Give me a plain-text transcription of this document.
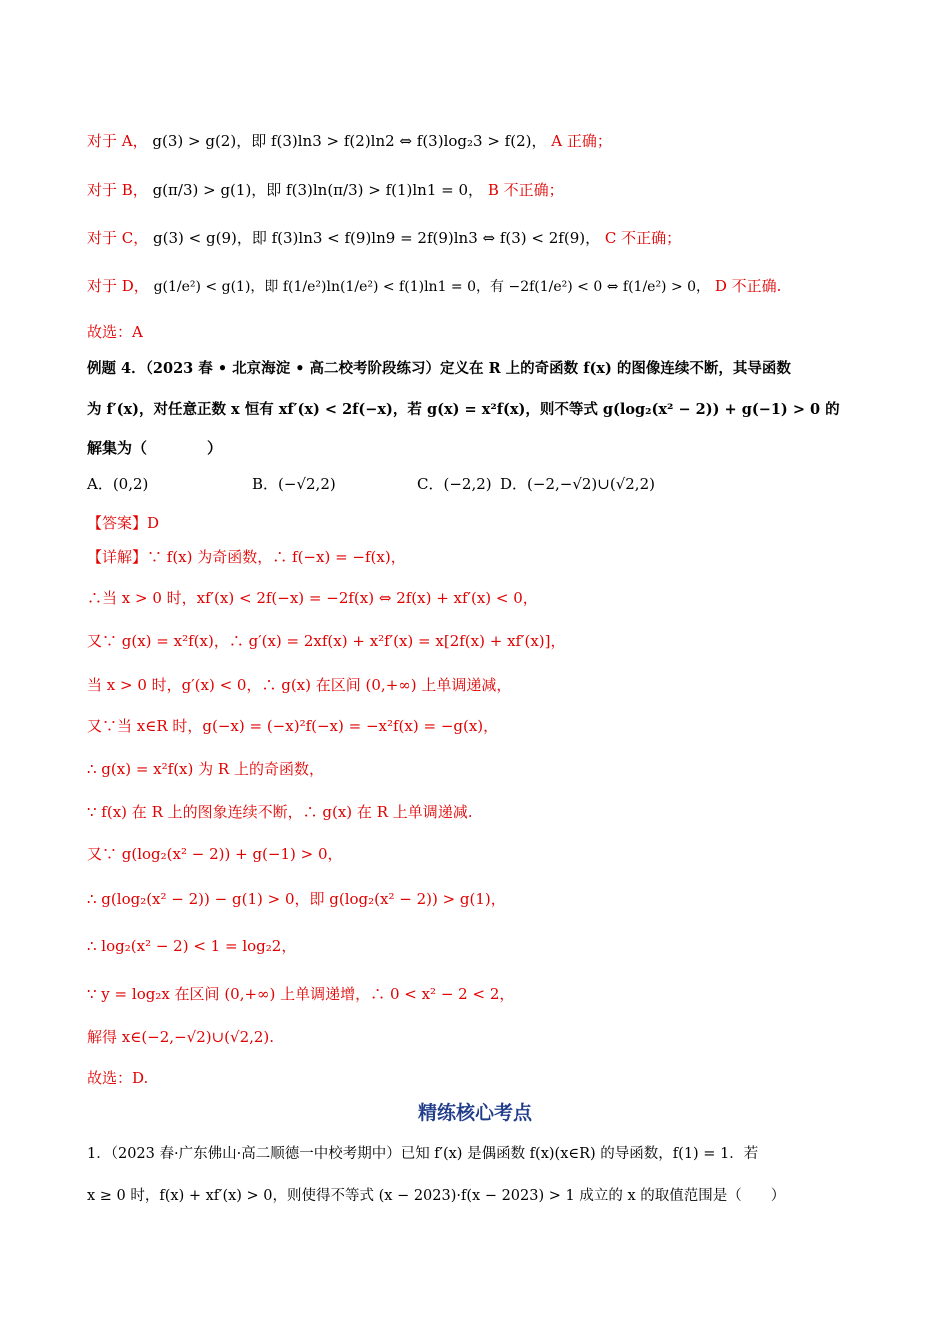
对于 A， g(3) > g(2)，即 f(3)ln3 > f(2)ln2 ⇔ f(3)log₂3 > f(2)， A 正确；
对于 B， g(π/3) > g(1)，即 f(3)ln(π/3) > f(1)ln1 = 0， B 不正确；
对于 C， g(3) < g(9)，即 f(3)ln3 < f(9)ln9 = 2f(9)ln3 ⇔ f(3) < 2f(9)， C 不正确；
对于 D， g(1/e²) < g(1)，即 f(1/e²)ln(1/e²) < f(1)ln1 = 0，有 −2f(1/e²) < 0 ⇔ f(1/e²) > 0， D 不正确.
故选：A
例题 4．（2023 春 • 北京海淀 • 高二校考阶段练习）定义在 R 上的奇函数 f(x) 的图像连续不断，其导函数
为 f′(x)，对任意正数 x 恒有 xf′(x) < 2f(−x)，若 g(x) = x²f(x)，则不等式 g(log₂(x² − 2)) + g(−1) > 0 的
解集为（　　　　）
A．(0,2)	B．(−√2,2)	C．(−2,2) D．(−2,−√2)∪(√2,2)
【答案】D
【详解】∵ f(x) 为奇函数，∴ f(−x) = −f(x)，
∴当 x > 0 时，xf′(x) < 2f(−x) = −2f(x) ⇔ 2f(x) + xf′(x) < 0，
又∵ g(x) = x²f(x)，∴ g′(x) = 2xf(x) + x²f′(x) = x[2f(x) + xf′(x)]，
当 x > 0 时，g′(x) < 0，∴ g(x) 在区间 (0,+∞) 上单调递减，
又∵当 x∈R 时，g(−x) = (−x)²f(−x) = −x²f(x) = −g(x)，
∴ g(x) = x²f(x) 为 R 上的奇函数，
∵ f(x) 在 R 上的图象连续不断，∴ g(x) 在 R 上单调递减.
又∵ g(log₂(x² − 2)) + g(−1) > 0，
∴ g(log₂(x² − 2)) − g(1) > 0，即 g(log₂(x² − 2)) > g(1)，
∴ log₂(x² − 2) < 1 = log₂2，
∵ y = log₂x 在区间 (0,+∞) 上单调递增，∴ 0 < x² − 2 < 2，
解得 x∈(−2,−√2)∪(√2,2).
故选：D.
精练核心考点
1．（2023 春·广东佛山·高二顺德一中校考期中）已知 f′(x) 是偶函数 f(x)(x∈R) 的导函数，f(1) = 1．若
x ≥ 0 时，f(x) + xf′(x) > 0，则使得不等式 (x − 2023)·f(x − 2023) > 1 成立的 x 的取值范围是（　　）
